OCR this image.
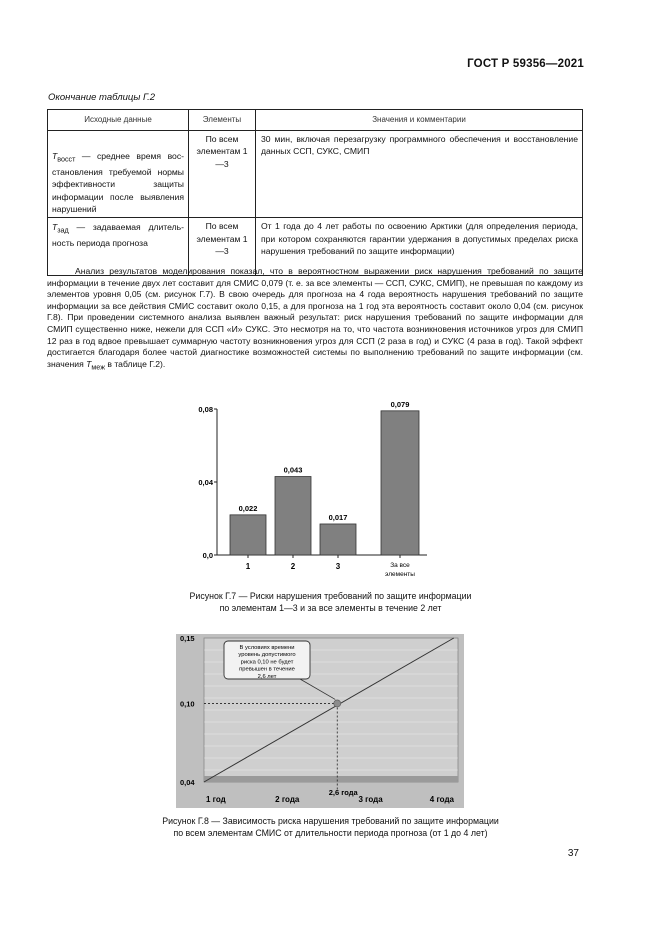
ГОСТ Р 59356—2021
Окончание таблицы Г.2
Исходные данные	Элементы	Значения и комментарии
$T_{восст}$ — среднее время восстановления требуемой нормы эффективности защиты информации после выявления нарушений	По всем элементам 1—3	30 мин, включая перезагрузку программного обеспечения и восстановление данных ССП, СУКС, СМИП
$T_{зад}$ — задаваемая длительность периода прогноза	По всем элементам 1—3	От 1 года до 4 лет работы по освоению Арктики (для определения периода, при котором сохраняются гарантии удержания в допустимых пределах риска нарушения требований по защите информации)
Анализ результатов моделирования показал, что в вероятностном выражении риск нарушения требований по защите информации в течение двух лет составит для СМИС 0,079 (т. е. за все элементы — ССП, СУКС, СМИП), не превышая по каждому из элементов уровня 0,05 (см. рисунок Г.7). В свою очередь для прогноза на 4 года вероятность нарушения требований по защите информации за все действия СМИС составит около 0,15, а для прогноза на 1 год эта вероятность составит около 0,04 (см. рисунок Г.8). При проведении системного анализа выявлен важный результат: риск нарушения требований по защите информации для СМИП существенно ниже, нежели для ССП «И» СУКС. Это несмотря на то, что частота возникновения источников угроз для СМИП 12 раз в год вдвое превышает суммарную частоту возникновения угроз для ССП (2 раза в год) и СУКС (4 раза в год). Такой эффект достигается благодаря более частой диагностике возможностей системы по выполнению требований по защите информации (см. значения $T_{меж}$ в таблице Г.2).
0,0
0,04
0,08
0,022
0,043
0,017
0,079
1	2	3	За все элементы
Рисунок Г.7 — Риски нарушения требований по защите информации
по элементам 1—3 и за все элементы в течение 2 лет
0,15
0,10
0,04
1 год	2 года	3 года	4 года
2,6 года
В условиях времени уровень допустимого риска 0,10 не будет превышен в течение 2,6 лет
Рисунок Г.8 — Зависимость риска нарушения требований по защите информации
по всем элементам СМИС от длительности периода прогноза (от 1 до 4 лет)
37
